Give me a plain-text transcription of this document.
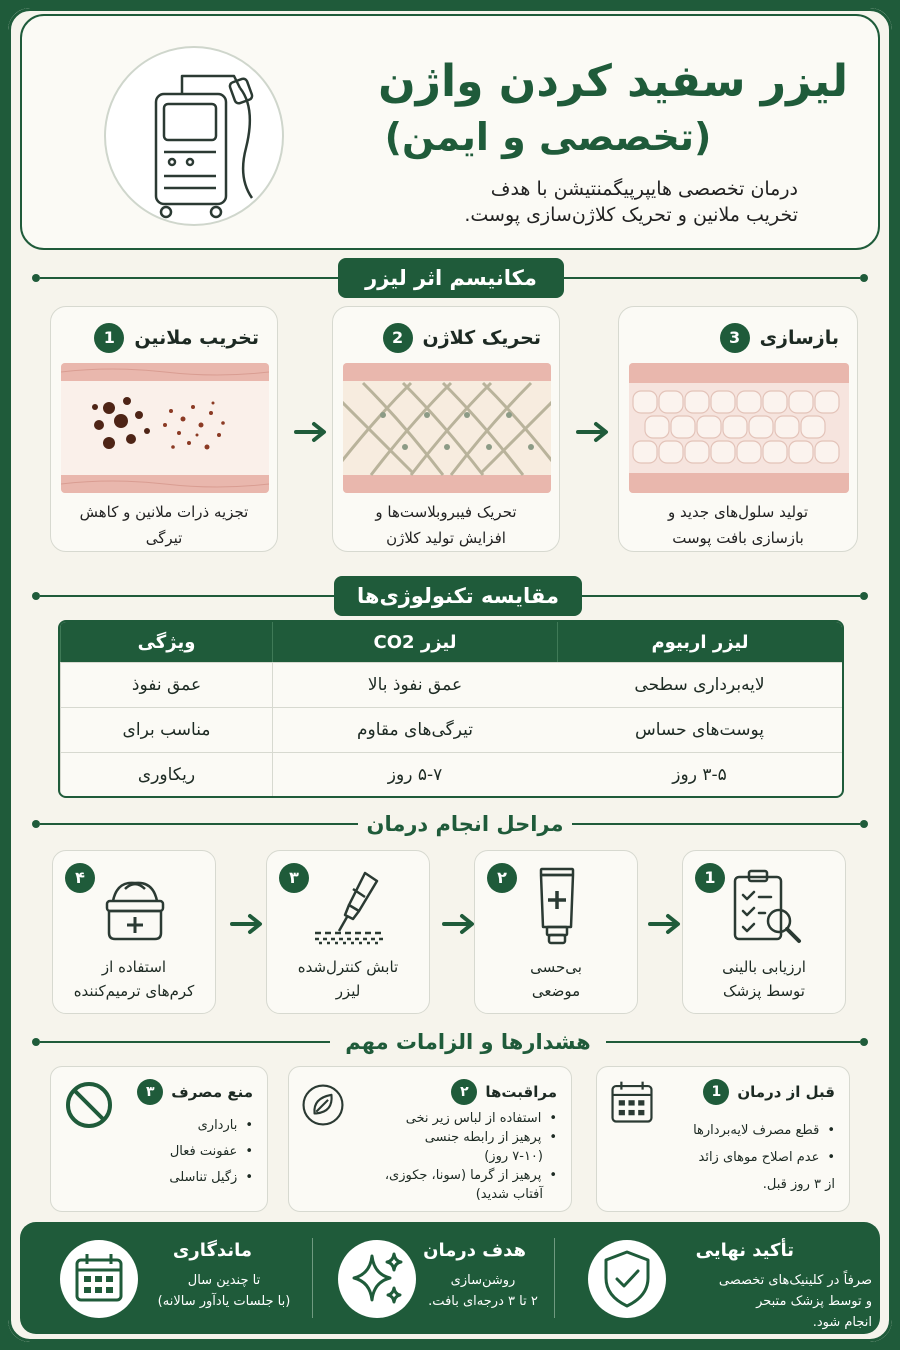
لیزر سفید کردن واژن
(تخصصی و ایمن)
درمان تخصصی هایپرپیگمنتیشن با هدف
تخریب ملانین و تحریک کلاژن‌سازی پوست.
مکانیسم اثر لیزر
1	تخریب ملانین
تجزیه ذرات ملانین و کاهش تیرگی
2	تحریک کلاژن
تحریک فیبروبلاست‌ها و
افزایش تولید کلاژن
3	بازسازی
تولید سلول‌های جدید و
بازسازی بافت پوست
مقایسه تکنولوژی‌ها
ویژگی	لیزر CO2	لیزر اربیوم
عمق نفوذ	عمق نفوذ بالا	لایه‌برداری سطحی
مناسب برای	تیرگی‌های مقاوم	پوست‌های حساس
ریکاوری	۵-۷ روز	۳-۵ روز
مراحل انجام درمان
۴
استفاده از
کرم‌های ترمیم‌کننده
۳
تابش کنترل‌شده
لیزر
۲
بی‌حسی
موضعی
1
ارزیابی بالینی
توسط پزشک
هشدارها و الزامات مهم
۳	منع مصرف
• بارداری
• عفونت فعال
• زگیل تناسلی
۲	مراقبت‌ها
• استفاده از لباس زیر نخی
• پرهیز از رابطه جنسی
(۷-۱۰ روز)
• پرهیز از گرما (سونا، جکوزی،
آفتاب شدید)
1	قبل از درمان
• قطع مصرف لایه‌بردارها
• عدم اصلاح موهای زائد
از ۳ روز قبل.
ماندگاری
تا چندین سال
(با جلسات یادآور سالانه)
هدف درمان
روشن‌سازی
۲ تا ۳ درجه‌ای بافت.
تأکید نهایی
صرفاً در کلینیک‌های تخصصی
و توسط پزشک متبحر
انجام شود.
